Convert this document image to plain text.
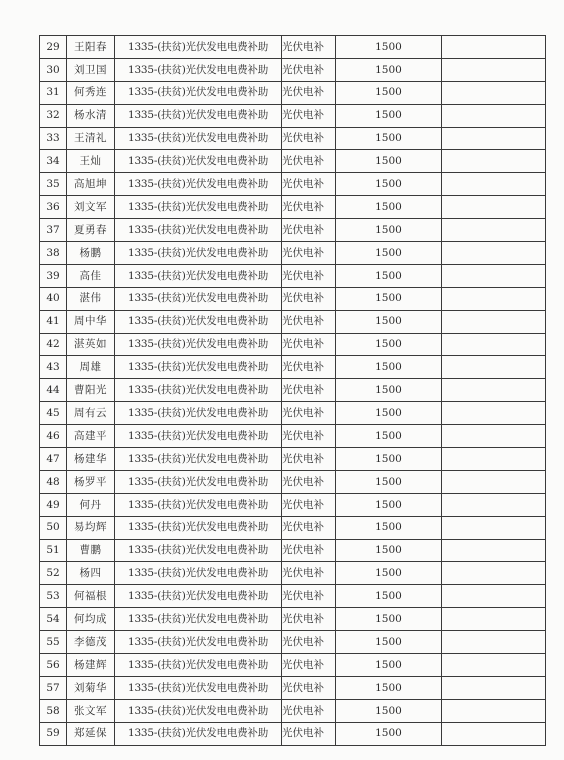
29	王阳春	1335-(扶贫)光伏发电电费补助	光伏电补	1500	
30	刘卫国	1335-(扶贫)光伏发电电费补助	光伏电补	1500	
31	何秀连	1335-(扶贫)光伏发电电费补助	光伏电补	1500	
32	杨水清	1335-(扶贫)光伏发电电费补助	光伏电补	1500	
33	王清礼	1335-(扶贫)光伏发电电费补助	光伏电补	1500	
34	王灿	1335-(扶贫)光伏发电电费补助	光伏电补	1500	
35	高旭坤	1335-(扶贫)光伏发电电费补助	光伏电补	1500	
36	刘文军	1335-(扶贫)光伏发电电费补助	光伏电补	1500	
37	夏勇春	1335-(扶贫)光伏发电电费补助	光伏电补	1500	
38	杨鹏	1335-(扶贫)光伏发电电费补助	光伏电补	1500	
39	高佳	1335-(扶贫)光伏发电电费补助	光伏电补	1500	
40	湛伟	1335-(扶贫)光伏发电电费补助	光伏电补	1500	
41	周中华	1335-(扶贫)光伏发电电费补助	光伏电补	1500	
42	湛英如	1335-(扶贫)光伏发电电费补助	光伏电补	1500	
43	周雄	1335-(扶贫)光伏发电电费补助	光伏电补	1500	
44	曹阳光	1335-(扶贫)光伏发电电费补助	光伏电补	1500	
45	周有云	1335-(扶贫)光伏发电电费补助	光伏电补	1500	
46	高建平	1335-(扶贫)光伏发电电费补助	光伏电补	1500	
47	杨建华	1335-(扶贫)光伏发电电费补助	光伏电补	1500	
48	杨罗平	1335-(扶贫)光伏发电电费补助	光伏电补	1500	
49	何丹	1335-(扶贫)光伏发电电费补助	光伏电补	1500	
50	易均辉	1335-(扶贫)光伏发电电费补助	光伏电补	1500	
51	曹鹏	1335-(扶贫)光伏发电电费补助	光伏电补	1500	
52	杨四	1335-(扶贫)光伏发电电费补助	光伏电补	1500	
53	何福根	1335-(扶贫)光伏发电电费补助	光伏电补	1500	
54	何均成	1335-(扶贫)光伏发电电费补助	光伏电补	1500	
55	李德茂	1335-(扶贫)光伏发电电费补助	光伏电补	1500	
56	杨建辉	1335-(扶贫)光伏发电电费补助	光伏电补	1500	
57	刘菊华	1335-(扶贫)光伏发电电费补助	光伏电补	1500	
58	张文军	1335-(扶贫)光伏发电电费补助	光伏电补	1500	
59	郑延保	1335-(扶贫)光伏发电电费补助	光伏电补	1500	
